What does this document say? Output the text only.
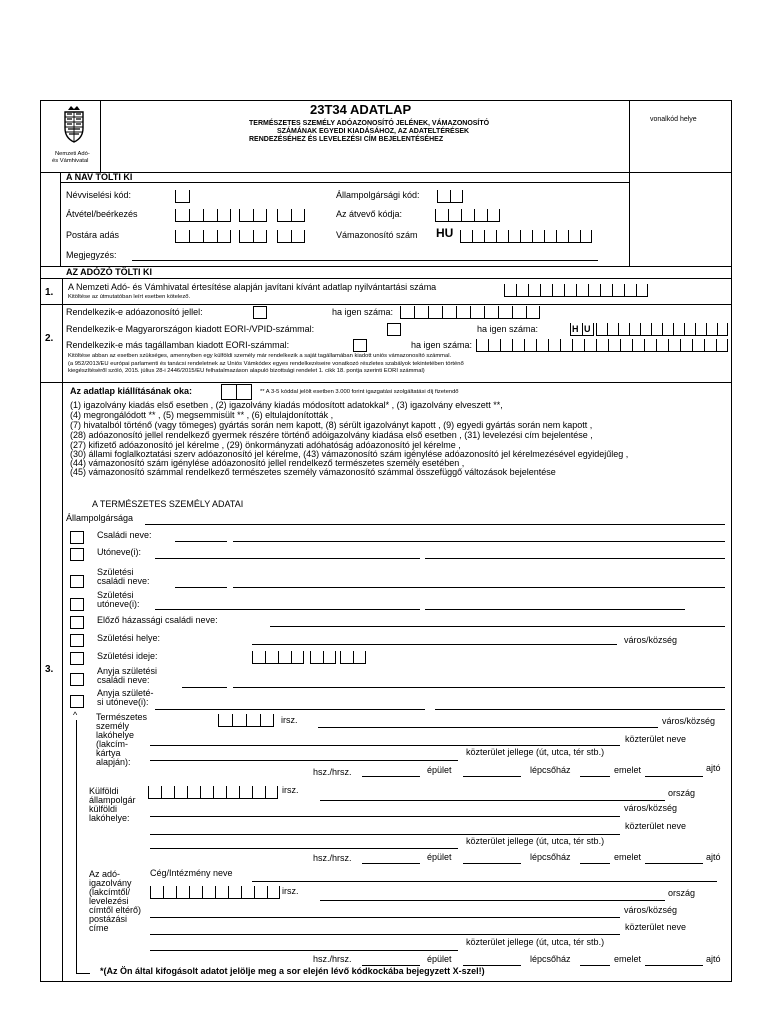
Nemzeti Adó-
és Vámhivatal
23T34 ADATLAP
TERMÉSZETES SZEMÉLY ADÓAZONOSÍTÓ JELÉNEK, VÁMAZONOSÍTÓ
SZÁMÁNAK EGYEDI KIADÁSÁHOZ, AZ ADATELTÉRÉSEK
RENDEZÉSÉHEZ ÉS LEVELEZÉSI CÍM BEJELENTÉSÉHEZ
vonalkód helye
A NAV TÖLTI KI
Névviselési kód:	Állampolgársági kód:
Átvétel/beérkezés	Az átvevő kódja:
Postára adás	Vámazonosító szám HU
Megjegyzés:
AZ ADÓZÓ TÖLTI KI
1. A Nemzeti Adó- és Vámhivatal értesítése alapján javítani kívánt adatlap nyilvántartási száma
Kitöltése az útmutatóban leírt esetben kötelező.
2.
Rendelkezik-e adóazonosító jellel:	ha igen száma:
Rendelkezik-e Magyarországon kiadott EORI-/VPID-számmal:	ha igen száma:	H U
Rendelkezik-e más tagállamban kiadott EORI-számmal:	ha igen száma:
Kitöltése abban az esetben szükséges, amennyiben egy külföldi személy már rendelkezik a saját tagállamában kiadott uniós vámazonosító számmal.
(a 952/2013/EU európai parlamenti és tanácsi rendeletnek az Uniós Vámkódex egyes rendelkezéseire vonatkozó részletes szabályok tekintetében történő
kiegészítéséről szóló, 2015. július 28-i 2446/2015/EU felhatalmazáson alapuló bizottsági rendelet 1. cikk 18. pontja szerinti EORI számmal)
3.
Az adatlap kiállításának oka:	** A 3-5 kóddal jelölt esetben 3.000 forint igazgatási szolgáltatási díj fizetendő
(1) igazolvány kiadás első esetben , (2) igazolvány kiadás módosított adatokkal* , (3) igazolvány elveszett **,
(4) megrongálódott ** , (5) megsemmisült ** , (6) eltulajdonították ,
(7) hivatalból történő (vagy tömeges) gyártás során nem kapott, (8) sérült igazolványt kapott , (9) egyedi gyártás során nem kapott ,
(28) adóazonosító jellel rendelkező gyermek részére történő adóigazolvány kiadása első esetben , (31) levelezési cím bejelentése ,
(27) kifizető adóazonosító jel kérelme , (29) önkormányzati adóhatóság adóazonosító jel kérelme ,
(30) állami foglalkoztatási szerv adóazonosító jel kérelme, (43) vámazonosító szám igénylése adóazonosító jel kérelmezésével egyidejűleg ,
(44) vámazonosító szám igénylése adóazonosító jellel rendelkező természetes személy esetében ,
(45) vámazonosító számmal rendelkező természetes személy vámazonosító számmal összefüggő változások bejelentése
A TERMÉSZETES SZEMÉLY ADATAI
Állampolgársága
Családi neve:
Utóneve(i):
Születési
családi neve:
Születési
utóneve(i):
Előző házassági családi neve:
Születési helye:	város/község
Születési ideje:
Anyja születési
családi neve:
Anyja születé-
si utóneve(i):
^ Természetes
személy
lakóhelye
(lakcím-
kártya
alapján):
irsz.	város/község
közterület neve
közterület jellege (út, utca, tér stb.)
hsz./hrsz.	épület	lépcsőház	emelet	ajtó
Külföldi
állampolgár
külföldi
lakóhelye:
irsz.	ország
város/község
közterület neve
közterület jellege (út, utca, tér stb.)
hsz./hrsz.	épület	lépcsőház	emelet	ajtó
Az adó-
igazolvány
(lakcímtől/
levelezési
címtől eltérő)
postázási
címe
Cég/Intézmény neve
irsz.	ország
város/község
közterület neve
közterület jellege (út, utca, tér stb.)
hsz./hrsz.	épület	lépcsőház	emelet	ajtó
*(Az Ön által kifogásolt adatot jelölje meg a sor elején lévő kódkockába bejegyzett X-szel!)
